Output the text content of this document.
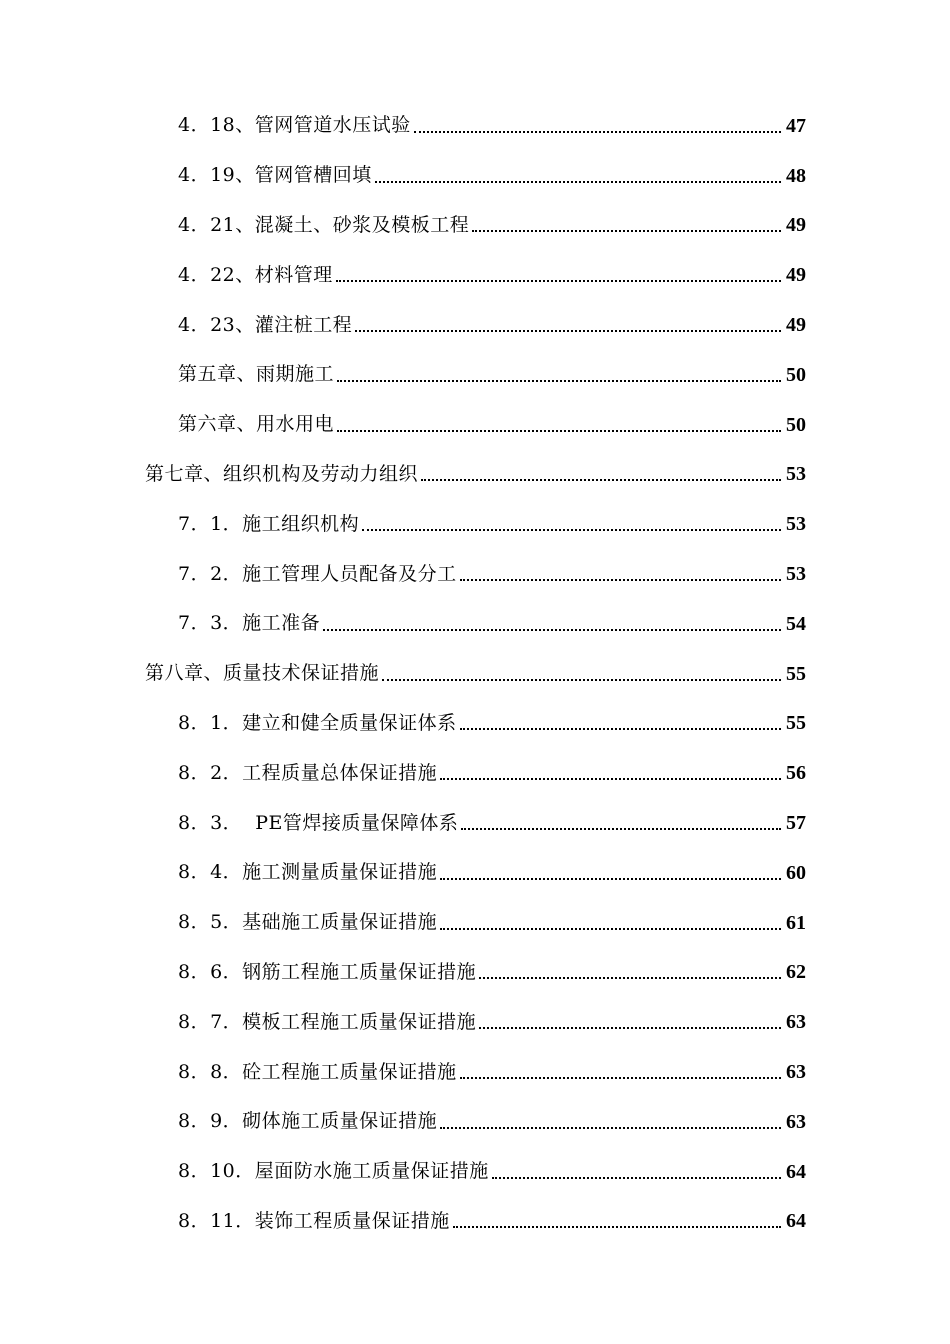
4．18、管网管道水压试验	47
4．19、管网管槽回填	48
4．21、混凝土、砂浆及模板工程	49
4．22、材料管理	49
4．23、灌注桩工程	49
第五章、雨期施工	50
第六章、用水用电	50
第七章、组织机构及劳动力组织	53
7．1．施工组织机构	53
7．2．施工管理人员配备及分工	53
7．3．施工准备	54
第八章、质量技术保证措施	55
8．1．建立和健全质量保证体系	55
8．2．工程质量总体保证措施	56
8．3．  PE管焊接质量保障体系	57
8．4．施工测量质量保证措施	60
8．5．基础施工质量保证措施	61
8．6．钢筋工程施工质量保证措施	62
8．7．模板工程施工质量保证措施	63
8．8．砼工程施工质量保证措施	63
8．9．砌体施工质量保证措施	63
8．10．屋面防水施工质量保证措施	64
8．11．装饰工程质量保证措施	64
